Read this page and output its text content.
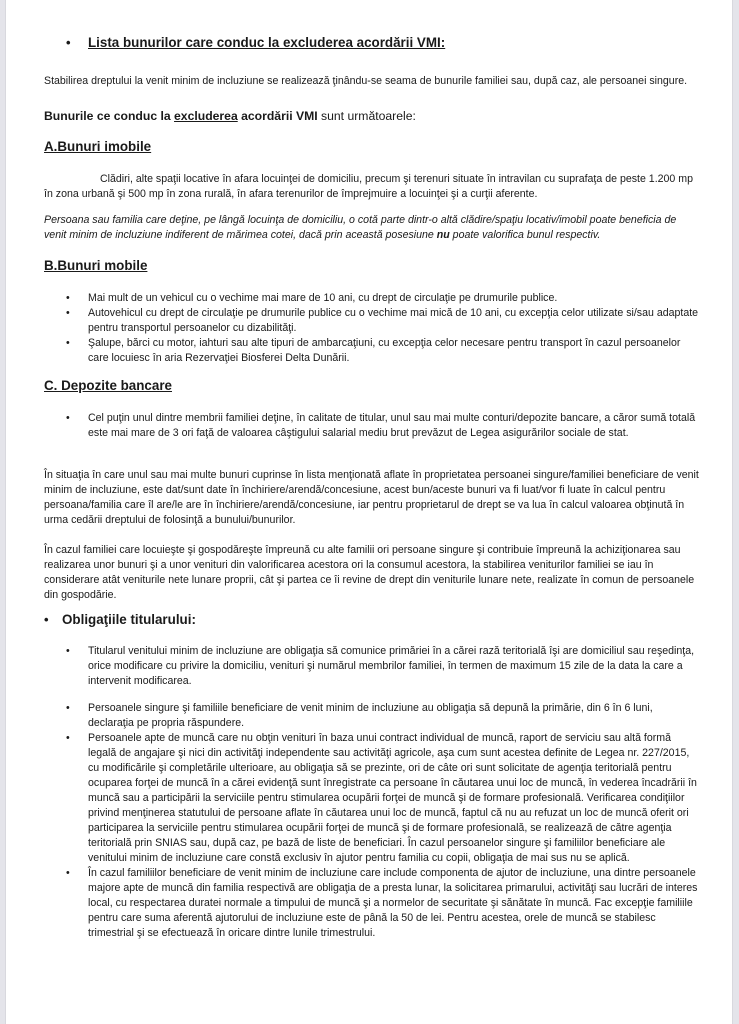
• Lista bunurilor care conduc la excluderea acordării VMI:

Stabilirea dreptului la venit minim de incluziune se realizează ţinându-se seama de bunurile familiei sau, după caz, ale persoanei singure.

Bunurile ce conduc la excluderea acordării VMI sunt următoarele:

A.Bunuri imobile

Clădiri, alte spaţii locative în afara locuinţei de domiciliu, precum şi terenuri situate în intravilan cu suprafaţa de peste 1.200 mp în zona urbană şi 500 mp în zona rurală, în afara terenurilor de împrejmuire a locuinţei şi a curţii aferente.

Persoana sau familia care deţine, pe lângă locuinţa de domiciliu, o cotă parte dintr-o altă clădire/spaţiu locativ/imobil poate beneficia de venit minim de incluziune indiferent de mărimea cotei, dacă prin această posesiune nu poate valorifica bunul respectiv.

B.Bunuri mobile
• Mai mult de un vehicul cu o vechime mai mare de 10 ani, cu drept de circulaţie pe drumurile publice.
• Autovehicul cu drept de circulaţie pe drumurile publice cu o vechime mai mică de 10 ani, cu excepţia celor utilizate si/sau adaptate pentru transportul persoanelor cu dizabilităţi.
• Şalupe, bărci cu motor, iahturi sau alte tipuri de ambarcaţiuni, cu excepţia celor necesare pentru transport în cazul persoanelor care locuiesc în aria Rezervaţiei Biosferei Delta Dunării.
C. Depozite bancare
• Cel puţin unul dintre membrii familiei deţine, în calitate de titular, unul sau mai multe conturi/depozite bancare, a căror sumă totală este mai mare de 3 ori faţă de valoarea câştigului salarial mediu brut prevăzut de Legea asigurărilor sociale de stat.

În situaţia în care unul sau mai multe bunuri cuprinse în lista menţionată aflate în proprietatea persoanei singure/familiei beneficiare de venit minim de incluziune, este dat/sunt date în închiriere/arendă/concesiune, acest bun/aceste bunuri va fi luat/vor fi luate în calcul pentru persoana/familia care îl are/le are în închiriere/arendă/concesiune, iar pentru proprietarul de drept se va lua în calcul valoarea obţinută în urma cedării dreptului de folosinţă a bunului/bunurilor.

În cazul familiei care locuieşte şi gospodăreşte împreună cu alte familii ori persoane singure şi contribuie împreună la achiziţionarea sau realizarea unor bunuri şi a unor venituri din valorificarea acestora ori la consumul acestora, la stabilirea veniturilor familiei se iau în considerare atât veniturile nete lunare proprii, cât şi partea ce îi revine de drept din veniturile lunare nete, realizate în comun de persoanele din gospodărie.

• Obligaţiile titularului:
• Titularul venitului minim de incluziune are obligaţia să comunice primăriei în a cărei rază teritorială îşi are domiciliul sau reşedinţa, orice modificare cu privire la domiciliu, venituri şi numărul membrilor familiei, în termen de maximum 15 zile de la data la care a intervenit modificarea.
• Persoanele singure şi familiile beneficiare de venit minim de incluziune au obligaţia să depună la primărie, din 6 în 6 luni, declaraţia pe propria răspundere.
• Persoanele apte de muncă care nu obţin venituri în baza unui contract individual de muncă, raport de serviciu sau altă formă legală de angajare şi nici din activităţi independente sau activităţi agricole, aşa cum sunt acestea definite de Legea nr. 227/2015, cu modificările şi completările ulterioare, au obligaţia să se prezinte, ori de câte ori sunt solicitate de agenţia teritorială pentru ocuparea forţei de muncă în a cărei evidenţă sunt înregistrate ca persoane în căutarea unui loc de muncă, în vederea încadrării în muncă sau a participării la serviciile pentru stimularea ocupării forţei de muncă şi de formare profesională. Verificarea condiţiilor privind menţinerea statutului de persoane aflate în căutarea unui loc de muncă, faptul că nu au refuzat un loc de muncă oferit ori participarea la serviciile pentru stimularea ocupării forţei de muncă şi de formare profesională, se realizează de către agenţia teritorială prin SNIAS sau, după caz, pe bază de liste de beneficiari. În cazul persoanelor singure şi familiilor beneficiare ale venitului minim de incluziune care constă exclusiv în ajutor pentru familia cu copii, obligaţia de mai sus nu se aplică.
• În cazul familiilor beneficiare de venit minim de incluziune care include componenta de ajutor de incluziune, una dintre persoanele majore apte de muncă din familia respectivă are obligaţia de a presta lunar, la solicitarea primarului, activităţi sau lucrări de interes local, cu respectarea duratei normale a timpului de muncă şi a normelor de securitate şi sănătate în muncă. Fac excepţie familiile pentru care suma aferentă ajutorului de incluziune este de până la 50 de lei. Pentru acestea, orele de muncă se stabilesc trimestrial şi se efectuează în oricare dintre lunile trimestrului.
